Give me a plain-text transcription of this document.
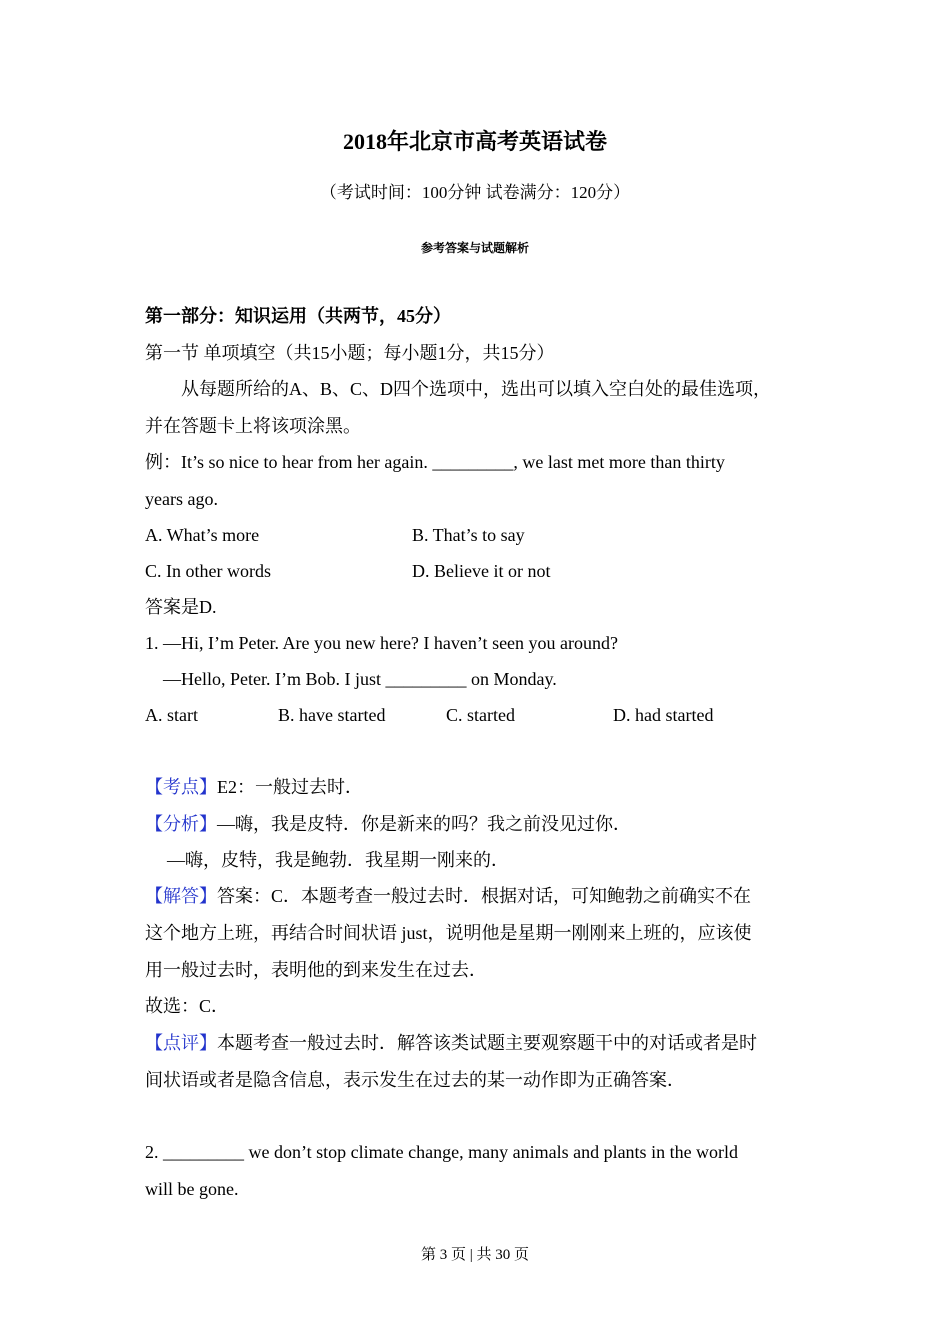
2018年北京市高考英语试卷
（考试时间：100分钟 试卷满分：120分）
参考答案与试题解析
第一部分：知识运用（共两节，45分）
第一节 单项填空（共15小题；每小题1分，共15分）
从每题所给的A、B、C、D四个选项中，选出可以填入空白处的最佳选项，
并在答题卡上将该项涂黑。
例：It’s so nice to hear from her again. _________, we last met more than thirty
years ago.
A. What’s more	B. That’s to say
C. In other words	D. Believe it or not
答案是D.
1. —Hi, I’m Peter. Are you new here? I haven’t seen you around?
—Hello, Peter. I’m Bob. I just _________ on Monday.
A. start	B. have started	C. started	D. had started
【考点】E2：一般过去时．
【分析】—嗨，我是皮特．你是新来的吗？我之前没见过你．
—嗨，皮特，我是鲍勃．我星期一刚来的．
【解答】答案：C．本题考查一般过去时．根据对话，可知鲍勃之前确实不在
这个地方上班，再结合时间状语 just，说明他是星期一刚刚来上班的，应该使
用一般过去时，表明他的到来发生在过去．
故选：C．
【点评】本题考查一般过去时．解答该类试题主要观察题干中的对话或者是时
间状语或者是隐含信息，表示发生在过去的某一动作即为正确答案．
2. _________ we don’t stop climate change, many animals and plants in the world
will be gone.
第 3 页 | 共 30 页
